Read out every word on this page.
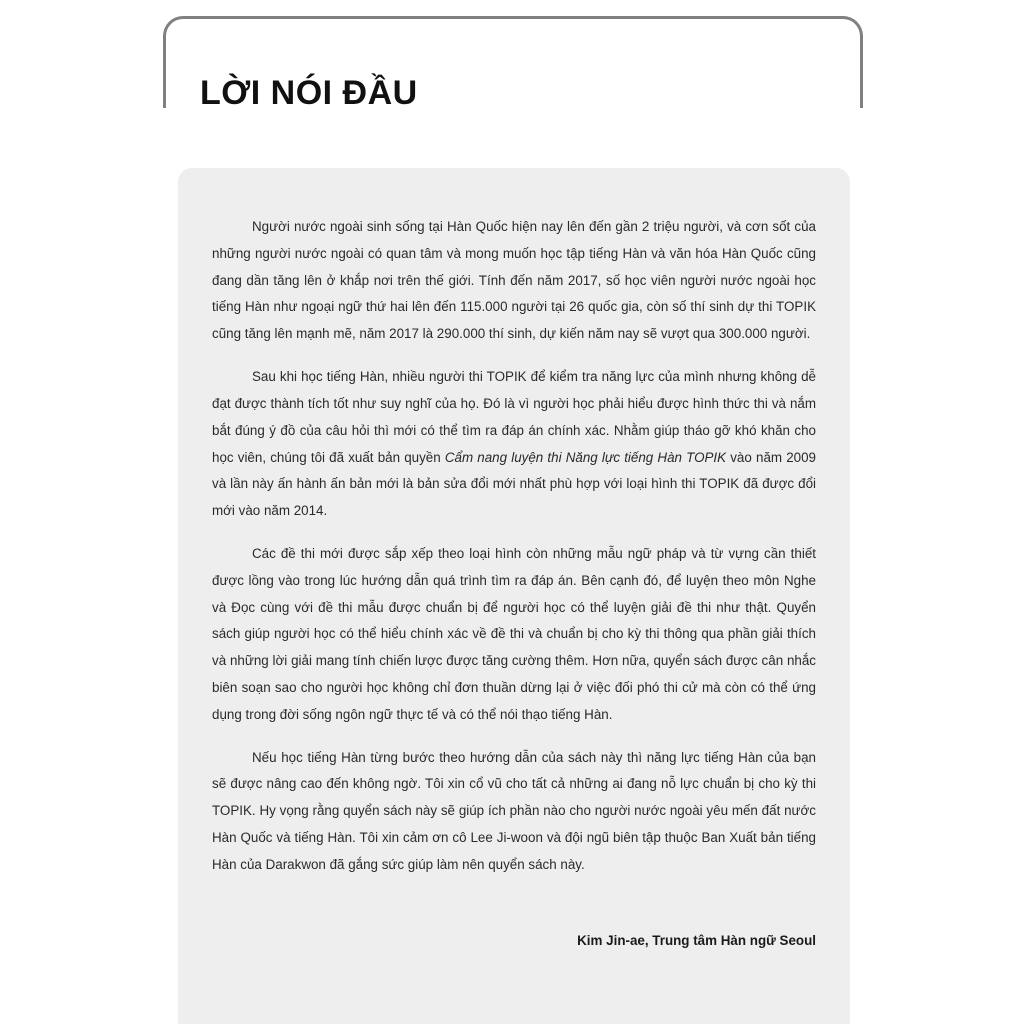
LỜI NÓI ĐẦU

Người nước ngoài sinh sống tại Hàn Quốc hiện nay lên đến gần 2 triệu người, và cơn sốt của những người nước ngoài có quan tâm và mong muốn học tập tiếng Hàn và văn hóa Hàn Quốc cũng đang dần tăng lên ở khắp nơi trên thế giới. Tính đến năm 2017, số học viên người nước ngoài học tiếng Hàn như ngoại ngữ thứ hai lên đến 115.000 người tại 26 quốc gia, còn số thí sinh dự thi TOPIK cũng tăng lên mạnh mẽ, năm 2017 là 290.000 thí sinh, dự kiến năm nay sẽ vượt qua 300.000 người.

Sau khi học tiếng Hàn, nhiều người thi TOPIK để kiểm tra năng lực của mình nhưng không dễ đạt được thành tích tốt như suy nghĩ của họ. Đó là vì người học phải hiểu được hình thức thi và nắm bắt đúng ý đồ của câu hỏi thì mới có thể tìm ra đáp án chính xác. Nhằm giúp tháo gỡ khó khăn cho học viên, chúng tôi đã xuất bản quyền Cẩm nang luyện thi Năng lực tiếng Hàn TOPIK vào năm 2009 và lần này ấn hành ấn bản mới là bản sửa đổi mới nhất phù hợp với loại hình thi TOPIK đã được đổi mới vào năm 2014.

Các đề thi mới được sắp xếp theo loại hình còn những mẫu ngữ pháp và từ vựng cần thiết được lồng vào trong lúc hướng dẫn quá trình tìm ra đáp án. Bên cạnh đó, để luyện theo môn Nghe và Đọc cùng với đề thi mẫu được chuẩn bị để người học có thể luyện giải đề thi như thật. Quyển sách giúp người học có thể hiểu chính xác về đề thi và chuẩn bị cho kỳ thi thông qua phần giải thích và những lời giải mang tính chiến lược được tăng cường thêm. Hơn nữa, quyển sách được cân nhắc biên soạn sao cho người học không chỉ đơn thuần dừng lại ở việc đối phó thi cử mà còn có thể ứng dụng trong đời sống ngôn ngữ thực tế và có thể nói thạo tiếng Hàn.

Nếu học tiếng Hàn từng bước theo hướng dẫn của sách này thì năng lực tiếng Hàn của bạn sẽ được nâng cao đến không ngờ. Tôi xin cổ vũ cho tất cả những ai đang nỗ lực chuẩn bị cho kỳ thi TOPIK. Hy vọng rằng quyển sách này sẽ giúp ích phần nào cho người nước ngoài yêu mến đất nước Hàn Quốc và tiếng Hàn. Tôi xin cảm ơn cô Lee Ji-woon và đội ngũ biên tập thuộc Ban Xuất bản tiếng Hàn của Darakwon đã gắng sức giúp làm nên quyển sách này.

Kim Jin-ae, Trung tâm Hàn ngữ Seoul
